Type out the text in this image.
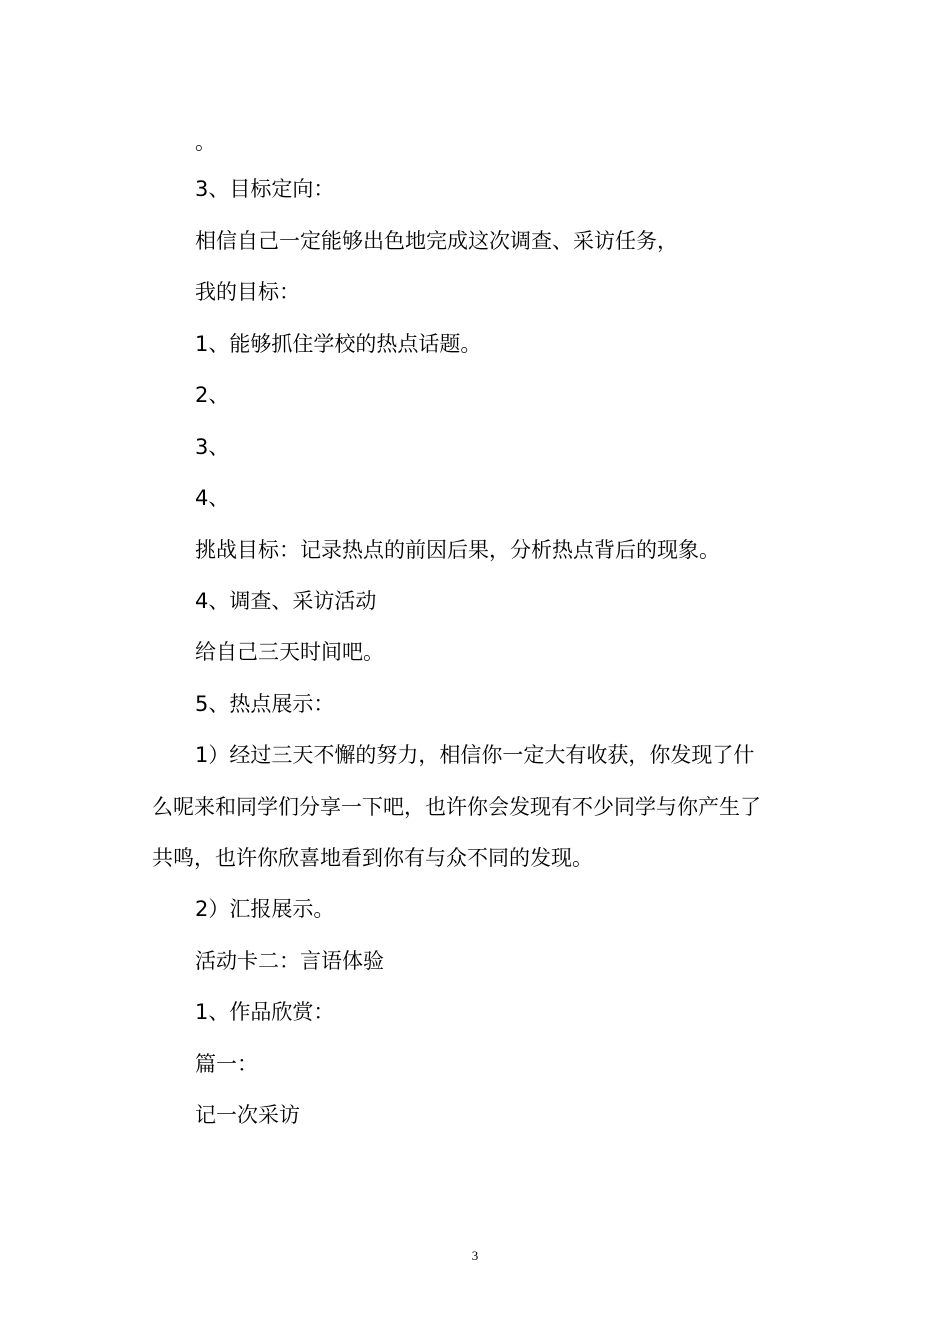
。

3、目标定向：

相信自己一定能够出色地完成这次调查、采访任务，

我的目标：

1、能够抓住学校的热点话题。

2、

3、

4、

挑战目标：记录热点的前因后果，分析热点背后的现象。

4、调查、采访活动

给自己三天时间吧。

5、热点展示：

1）经过三天不懈的努力，相信你一定大有收获，你发现了什

么呢来和同学们分享一下吧，也许你会发现有不少同学与你产生了

共鸣，也许你欣喜地看到你有与众不同的发现。

2）汇报展示。

活动卡二：言语体验

1、作品欣赏：

篇一：

记一次采访

3
